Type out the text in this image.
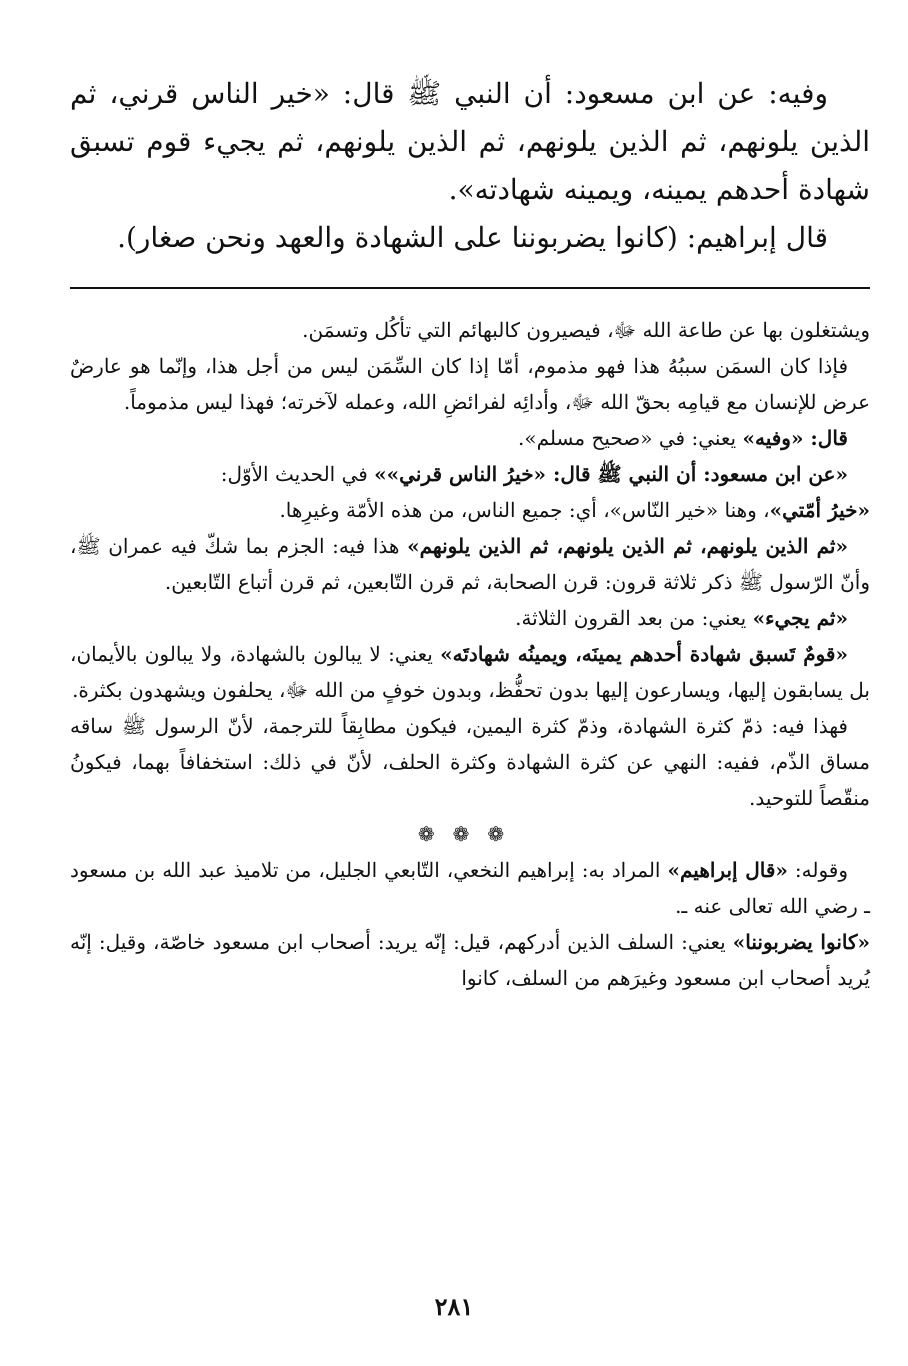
وفيه: عن ابن مسعود: أن النبي ﷺ قال: «خير الناس قرني، ثم الذين يلونهم، ثم الذين يلونهم، ثم الذين يلونهم، ثم يجيء قوم تسبق شهادة أحدهم يمينه، ويمينه شهادته».

قال إبراهيم: (كانوا يضربوننا على الشهادة والعهد ونحن صغار).

ويشتغلون بها عن طاعة الله ﷻ، فيصيرون كالبهائم التي تأكُل وتسمَن.

فإذا كان السمَن سببُهُ هذا فهو مذموم، أمّا إذا كان السِّمَن ليس من أجل هذا، وإنّما هو عارضٌ عرض للإنسان مع قيامِه بحقّ الله ﷻ، وأدائِه لفرائضِ الله، وعمله لآخرته؛ فهذا ليس مذموماً.

قال: «وفيه» يعني: في «صحيح مسلم».

«عن ابن مسعود: أن النبي ﷺ قال: «خيرُ الناس قرني»» في الحديث الأوّل:

«خيرُ أمّتي»، وهنا «خير النّاس»، أي: جميع الناس، من هذه الأمّة وغيرِها.

«ثم الذين يلونهم، ثم الذين يلونهم، ثم الذين يلونهم» هذا فيه: الجزم بما شكّ فيه عمران ﷺ، وأنّ الرّسول ﷺ ذكر ثلاثة قرون: قرن الصحابة، ثم قرن التّابعين، ثم قرن أتباع التّابعين.

«ثم يجيء» يعني: من بعد القرون الثلاثة.

«قومٌ تَسبق شهادة أحدهم يمينَه، ويمينُه شهادتَه» يعني: لا يبالون بالشهادة، ولا يبالون بالأيمان، بل يسابقون إليها، ويسارعون إليها بدون تحفُّظ، وبدون خوفٍ من الله ﷻ، يحلفون ويشهدون بكثرة.

فهذا فيه: ذمّ كثرة الشهادة، وذمّ كثرة اليمين، فيكون مطابِقاً للترجمة، لأنّ الرسول ﷺ ساقه مساق الذّم، ففيه: النهي عن كثرة الشهادة وكثرة الحلف، لأنّ في ذلك: استخفافاً بهما، فيكونُ منقّصاً للتوحيد.

❁❁❁

وقوله: «قال إبراهيم» المراد به: إبراهيم النخعي، التّابعي الجليل، من تلاميذ عبد الله بن مسعود ـ رضي الله تعالى عنه ـ.

«كانوا يضربوننا» يعني: السلف الذين أدركهم، قيل: إنّه يريد: أصحاب ابن مسعود خاصّة، وقيل: إنّه يُريد أصحاب ابن مسعود وغيرَهم من السلف، كانوا

٢٨١
